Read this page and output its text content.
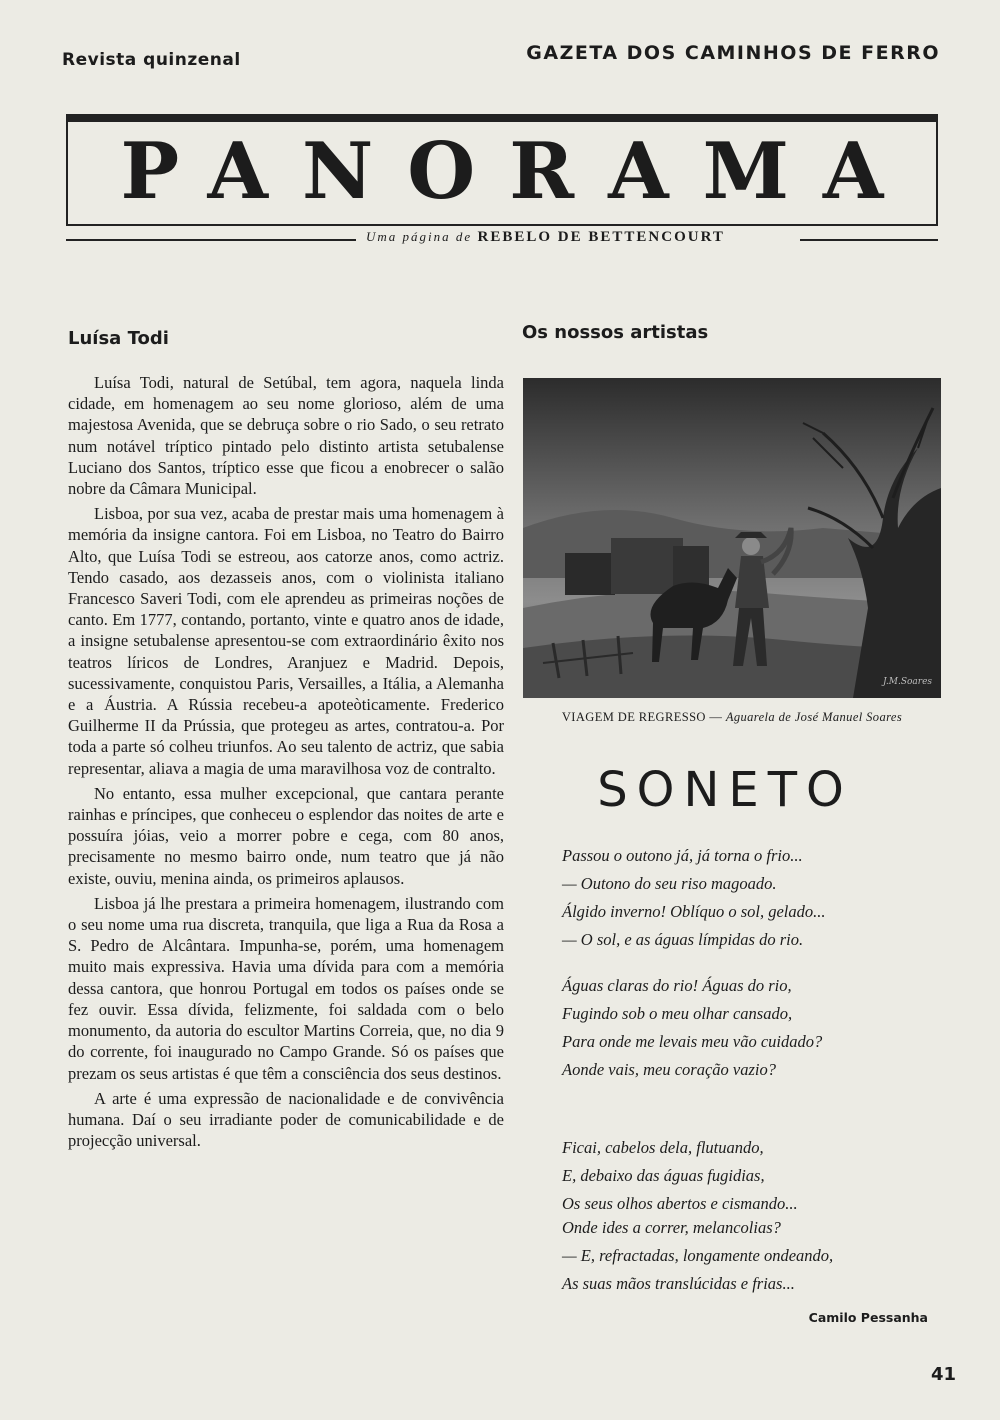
Revista quinzenal	GAZETA DOS CAMINHOS DE FERRO
PANORAMA
Uma página de REBELO DE BETTENCOURT
Luísa Todi

Luísa Todi, natural de Setúbal, tem agora, naquela linda cidade, em homenagem ao seu nome glorioso, além de uma majestosa Avenida, que se debruça sobre o rio Sado, o seu retrato num notável tríptico pintado pelo distinto artista setubalense Luciano dos Santos, tríptico esse que ficou a enobrecer o salão nobre da Câmara Municipal.

Lisboa, por sua vez, acaba de prestar mais uma homenagem à memória da insigne cantora. Foi em Lisboa, no Teatro do Bairro Alto, que Luísa Todi se estreou, aos catorze anos, como actriz. Tendo casado, aos dezasseis anos, com o violinista italiano Francesco Saveri Todi, com ele aprendeu as primeiras noções de canto. Em 1777, contando, portanto, vinte e quatro anos de idade, a insigne setubalense apresentou-se com extraordinário êxito nos teatros líricos de Londres, Aranjuez e Madrid. Depois, sucessivamente, conquistou Paris, Versailles, a Itália, a Alemanha e a Áustria. A Rússia recebeu-a apoteòticamente. Frederico Guilherme II da Prússia, que protegeu as artes, contratou-a. Por toda a parte só colheu triunfos. Ao seu talento de actriz, que sabia representar, aliava a magia de uma maravilhosa voz de contralto.

No entanto, essa mulher excepcional, que cantara perante rainhas e príncipes, que conheceu o esplendor das noites de arte e possuíra jóias, veio a morrer pobre e cega, com 80 anos, precisamente no mesmo bairro onde, num teatro que já não existe, ouviu, menina ainda, os primeiros aplausos.

Lisboa já lhe prestara a primeira homenagem, ilustrando com o seu nome uma rua discreta, tranquila, que liga a Rua da Rosa a S. Pedro de Alcântara. Impunha-se, porém, uma homenagem muito mais expressiva. Havia uma dívida para com a memória dessa cantora, que honrou Portugal em todos os países onde se fez ouvir. Essa dívida, felizmente, foi saldada com o belo monumento, da autoria do escultor Martins Correia, que, no dia 9 do corrente, foi inaugurado no Campo Grande. Só os países que prezam os seus artistas é que têm a consciência dos seus destinos.

A arte é uma expressão de nacionalidade e de convivência humana. Daí o seu irradiante poder de comunicabilidade e de projecção universal.

Os nossos artistas
J.M.Soares
VIAGEM DE REGRESSO — Aguarela de José Manuel Soares
SONETO
Passou o outono já, já torna o frio...
— Outono do seu riso magoado.
Álgido inverno! Oblíquo o sol, gelado...
— O sol, e as águas límpidas do rio.
Águas claras do rio! Águas do rio,
Fugindo sob o meu olhar cansado,
Para onde me levais meu vão cuidado?
Aonde vais, meu coração vazio?
Ficai, cabelos dela, flutuando,
E, debaixo das águas fugidias,
Os seus olhos abertos e cismando...
Onde ides a correr, melancolias?
— E, refractadas, longamente ondeando,
As suas mãos translúcidas e frias...
Camilo Pessanha
41
